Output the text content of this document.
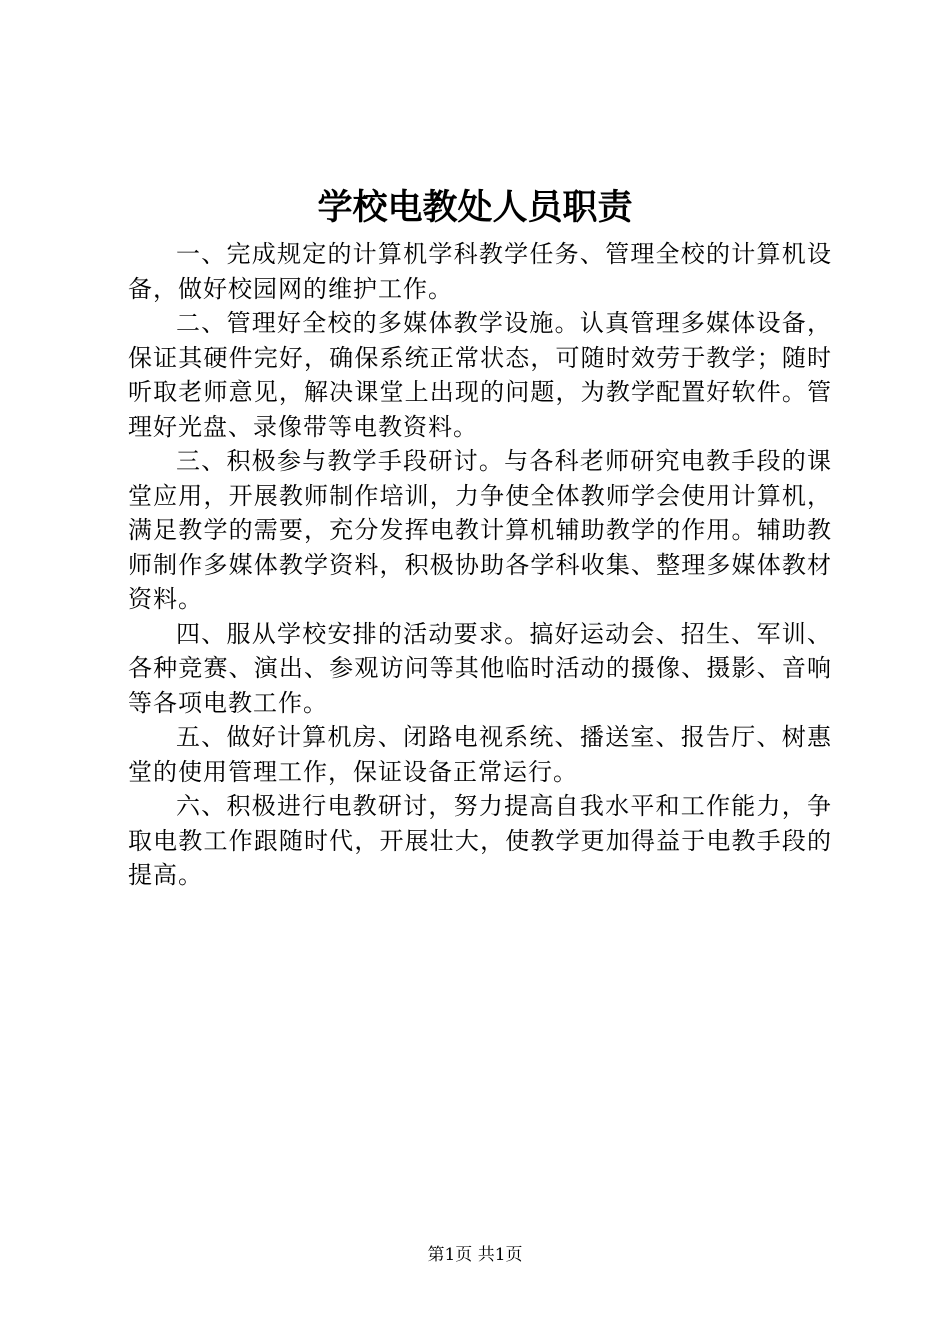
学校电教处人员职责

一、完成规定的计算机学科教学任务、管理全校的计算机设备，做好校园网的维护工作。

二、管理好全校的多媒体教学设施。认真管理多媒体设备，保证其硬件完好，确保系统正常状态，可随时效劳于教学；随时听取老师意见，解决课堂上出现的问题，为教学配置好软件。管理好光盘、录像带等电教资料。

三、积极参与教学手段研讨。与各科老师研究电教手段的课堂应用，开展教师制作培训，力争使全体教师学会使用计算机，满足教学的需要，充分发挥电教计算机辅助教学的作用。辅助教师制作多媒体教学资料，积极协助各学科收集、整理多媒体教材资料。

四、服从学校安排的活动要求。搞好运动会、招生、军训、各种竞赛、演出、参观访问等其他临时活动的摄像、摄影、音响等各项电教工作。

五、做好计算机房、闭路电视系统、播送室、报告厅、树惠堂的使用管理工作，保证设备正常运行。

六、积极进行电教研讨，努力提高自我水平和工作能力，争取电教工作跟随时代，开展壮大，使教学更加得益于电教手段的提高。

第1页 共1页
